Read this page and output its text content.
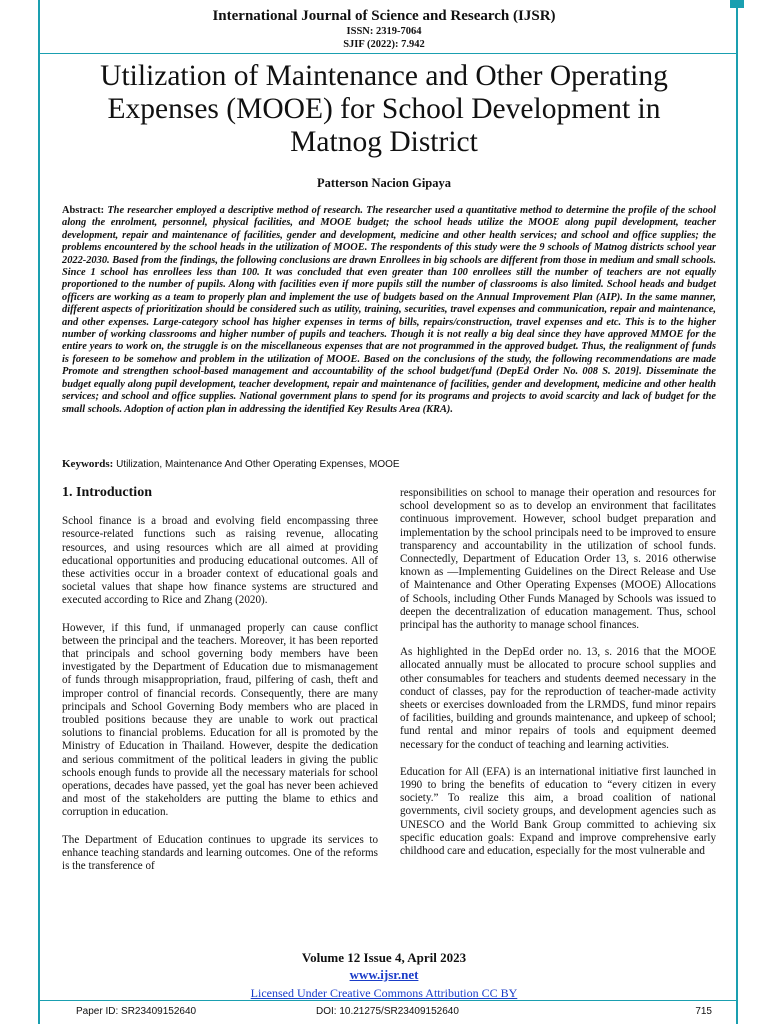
International Journal of Science and Research (IJSR)
ISSN: 2319-7064
SJIF (2022): 7.942
Utilization of Maintenance and Other Operating Expenses (MOOE) for School Development in Matnog District
Patterson Nacion Gipaya
Abstract: The researcher employed a descriptive method of research. The researcher used a quantitative method to determine the profile of the school along the enrolment, personnel, physical facilities, and MOOE budget; the school heads utilize the MOOE along pupil development, teacher development, repair and maintenance of facilities, gender and development, medicine and other health services; and school and office supplies; the problems encountered by the school heads in the utilization of MOOE. The respondents of this study were the 9 schools of Matnog districts school year 2022-2030. Based from the findings, the following conclusions are drawn Enrollees in big schools are different from those in medium and small schools. Since 1 school has enrollees less than 100. It was concluded that even greater than 100 enrollees still the number of teachers are not equally proportioned to the number of pupils. Along with facilities even if more pupils still the number of classrooms is also limited. School heads and budget officers are working as a team to properly plan and implement the use of budgets based on the Annual Improvement Plan (AIP). In the same manner, different aspects of prioritization should be considered such as utility, training, securities, travel expenses and communication, repair and maintenance, and other expenses. Large-category school has higher expenses in terms of bills, repairs/construction, travel expenses and etc. This is to the higher number of working classrooms and higher number of pupils and teachers. Though it is not really a big deal since they have approved MMOE for the entire years to work on, the struggle is on the miscellaneous expenses that are not programmed in the approved budget. Thus, the realignment of funds is foreseen to be somehow and problem in the utilization of MOOE. Based on the conclusions of the study, the following recommendations are made Promote and strengthen school-based management and accountability of the school budget/fund (DepEd Order No. 008 S. 2019]. Disseminate the budget equally along pupil development, teacher development, repair and maintenance of facilities, gender and development, medicine and other health services; and school and office supplies. National government plans to spend for its programs and projects to avoid scarcity and lack of budget for the small schools. Adoption of action plan in addressing the identified Key Results Area (KRA).
Keywords: Utilization, Maintenance And Other Operating Expenses, MOOE
1. Introduction

School finance is a broad and evolving field encompassing three resource-related functions such as raising revenue, allocating resources, and using resources which are all aimed at providing educational opportunities and producing educational outcomes. All of these activities occur in a broader context of educational goals and societal values that shape how finance systems are structured and executed according to Rice and Zhang (2020).

However, if this fund, if unmanaged properly can cause conflict between the principal and the teachers. Moreover, it has been reported that principals and school governing body members have been investigated by the Department of Education due to mismanagement of funds through misappropriation, fraud, pilfering of cash, theft and improper control of financial records. Consequently, there are many principals and School Governing Body members who are placed in troubled positions because they are unable to work out practical solutions to financial problems. Education for all is promoted by the Ministry of Education in Thailand. However, despite the dedication and serious commitment of the political leaders in giving the public schools enough funds to provide all the necessary materials for school operations, decades have passed, yet the goal has never been achieved and most of the stakeholders are putting the blame to ethics and corruption in education.

The Department of Education continues to upgrade its services to enhance teaching standards and learning outcomes. One of the reforms is the transference of

responsibilities on school to manage their operation and resources for school development so as to develop an environment that facilitates continuous improvement. However, school budget preparation and implementation by the school principals need to be improved to ensure transparency and accountability in the utilization of school funds. Connectedly, Department of Education Order 13, s. 2016 otherwise known as —Implementing Guidelines on the Direct Release and Use of Maintenance and Other Operating Expenses (MOOE) Allocations of Schools, including Other Funds Managed by Schools was issued to deepen the decentralization of education management. Thus, school principal has the authority to manage school finances.

As highlighted in the DepEd order no. 13, s. 2016 that the MOOE allocated annually must be allocated to procure school supplies and other consumables for teachers and students deemed necessary in the conduct of classes, pay for the reproduction of teacher-made activity sheets or exercises downloaded from the LRMDS, fund minor repairs of facilities, building and grounds maintenance, and upkeep of school; fund rental and minor repairs of tools and equipment deemed necessary for the conduct of teaching and learning activities.

Education for All (EFA) is an international initiative first launched in 1990 to bring the benefits of education to “every citizen in every society.” To realize this aim, a broad coalition of national governments, civil society groups, and development agencies such as UNESCO and the World Bank Group committed to achieving six specific education goals: Expand and improve comprehensive early childhood care and education, especially for the most vulnerable and

Volume 12 Issue 4, April 2023
www.ijsr.net
Licensed Under Creative Commons Attribution CC BY
Paper ID: SR23409152640	DOI: 10.21275/SR23409152640	715
